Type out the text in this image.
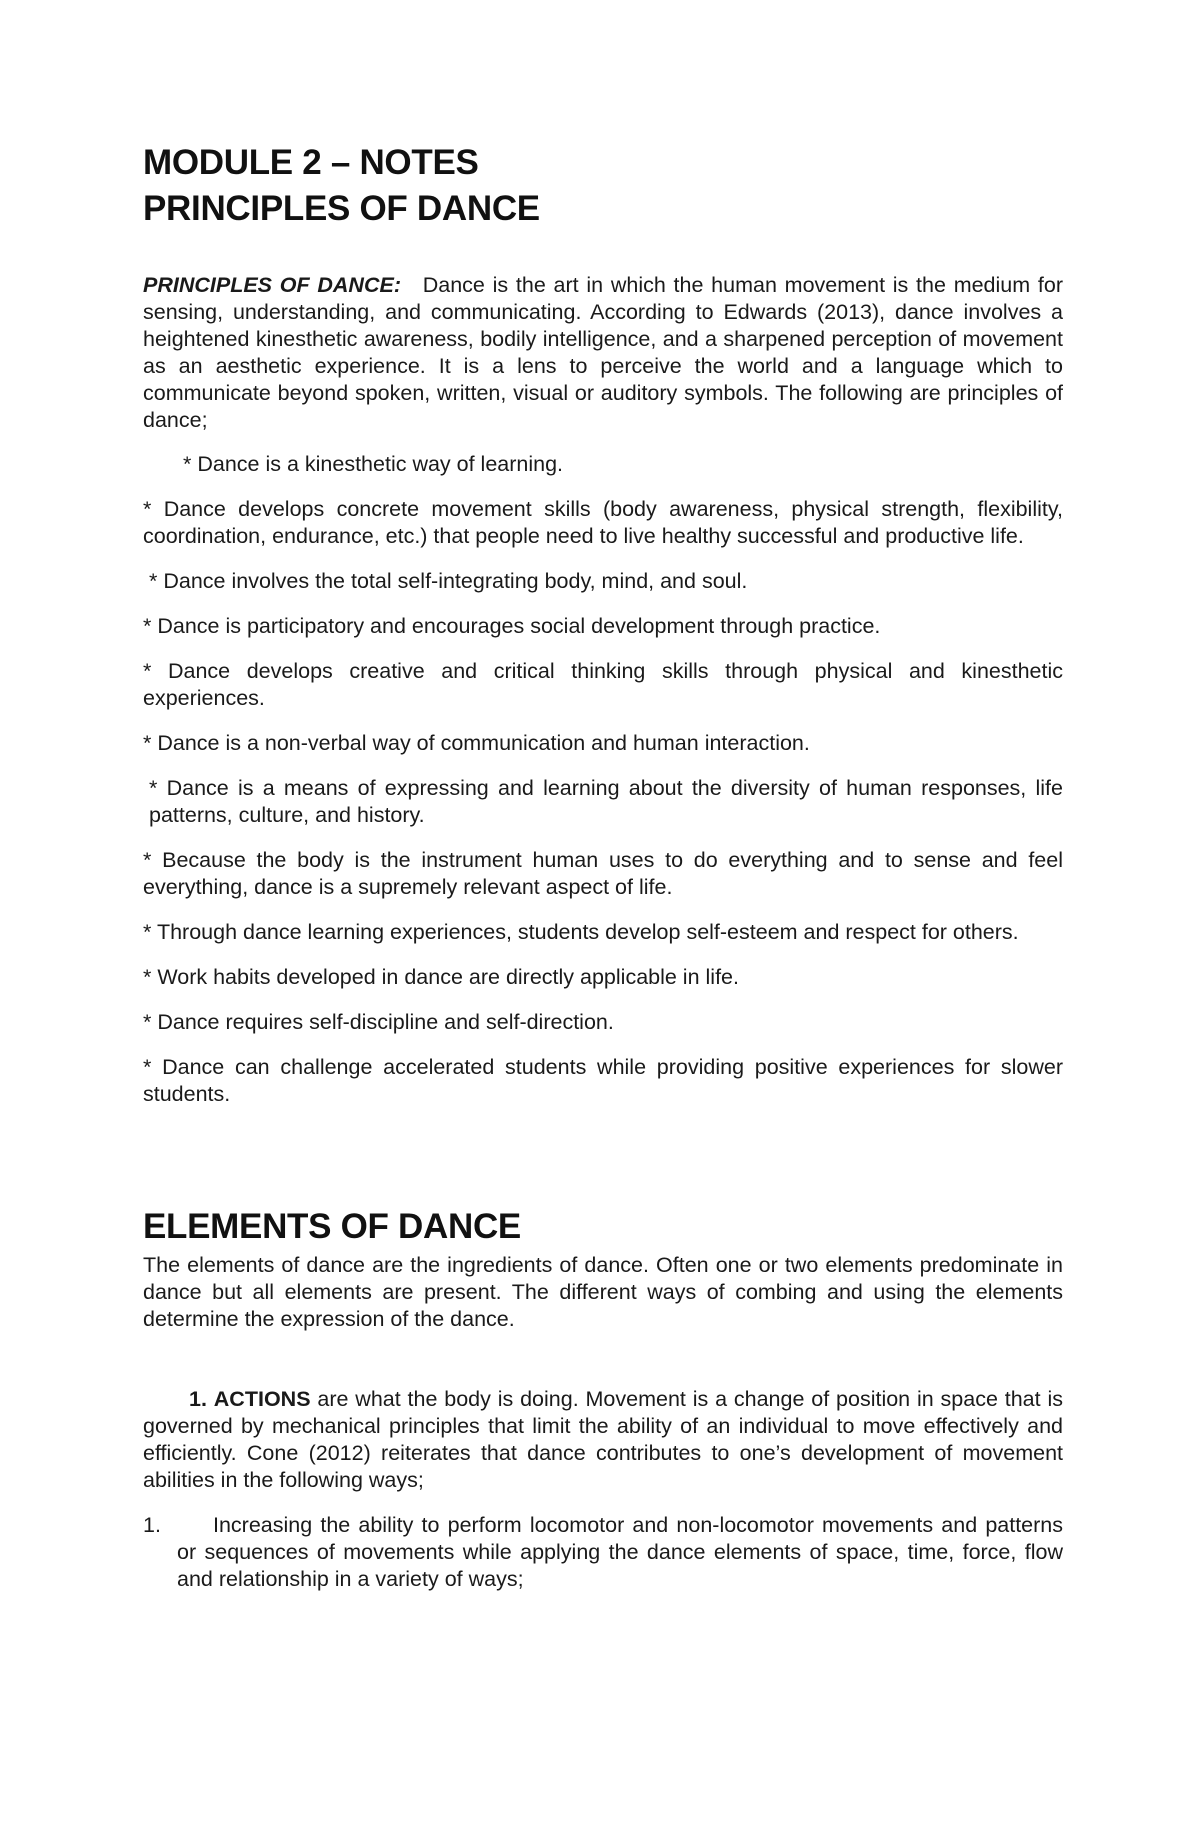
MODULE 2 – NOTES
PRINCIPLES OF DANCE

PRINCIPLES OF DANCE: Dance is the art in which the human movement is the medium for sensing, understanding, and communicating. According to Edwards (2013), dance involves a heightened kinesthetic awareness, bodily intelligence, and a sharpened perception of movement as an aesthetic experience. It is a lens to perceive the world and a language which to communicate beyond spoken, written, visual or auditory symbols. The following are principles of dance;

* Dance is a kinesthetic way of learning.
* Dance develops concrete movement skills (body awareness, physical strength, flexibility, coordination, endurance, etc.) that people need to live healthy successful and productive life.
* Dance involves the total self-integrating body, mind, and soul.
* Dance is participatory and encourages social development through practice.
* Dance develops creative and critical thinking skills through physical and kinesthetic experiences.
* Dance is a non-verbal way of communication and human interaction.
* Dance is a means of expressing and learning about the diversity of human responses, life patterns, culture, and history.
* Because the body is the instrument human uses to do everything and to sense and feel everything, dance is a supremely relevant aspect of life.
* Through dance learning experiences, students develop self-esteem and respect for others.
* Work habits developed in dance are directly applicable in life.
* Dance requires self-discipline and self-direction.
* Dance can challenge accelerated students while providing positive experiences for slower students.
ELEMENTS OF DANCE

The elements of dance are the ingredients of dance. Often one or two elements predominate in dance but all elements are present. The different ways of combing and using the elements determine the expression of the dance.

1. ACTIONS are what the body is doing. Movement is a change of position in space that is governed by mechanical principles that limit the ability of an individual to move effectively and efficiently. Cone (2012) reiterates that dance contributes to one’s development of movement abilities in the following ways;

1. Increasing the ability to perform locomotor and non-locomotor movements and patterns or sequences of movements while applying the dance elements of space, time, force, flow and relationship in a variety of ways;
